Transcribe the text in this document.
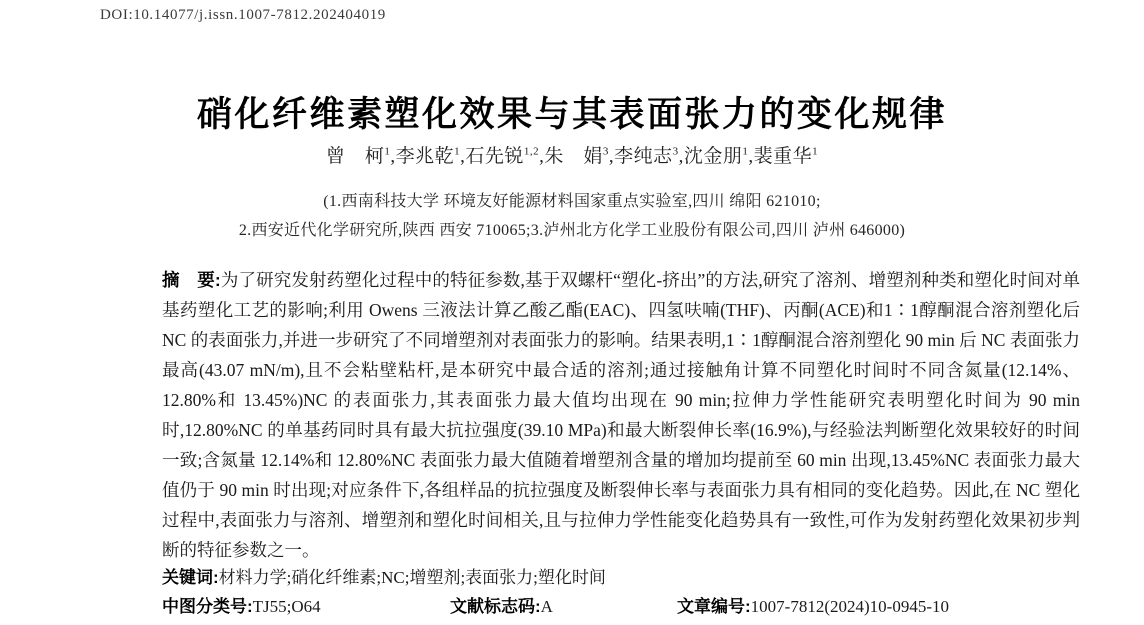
DOI:10.14077/j.issn.1007-7812.202404019
硝化纤维素塑化效果与其表面张力的变化规律
曾　柯$^1$,李兆乾$^1$,石先锐$^{1,2}$,朱　娟$^3$,李纯志$^3$,沈金朋$^1$,裴重华$^1$
(1.西南科技大学 环境友好能源材料国家重点实验室,四川 绵阳 621010;
2.西安近代化学研究所,陕西 西安 710065;3.泸州北方化学工业股份有限公司,四川 泸州 646000)

摘　要:为了研究发射药塑化过程中的特征参数,基于双螺杆“塑化-挤出”的方法,研究了溶剂、增塑剂种类和塑化时间对单基药塑化工艺的影响;利用 Owens 三液法计算乙酸乙酯(EAC)、四氢呋喃(THF)、丙酮(ACE)和1∶1醇酮混合溶剂塑化后 NC 的表面张力,并进一步研究了不同增塑剂对表面张力的影响。结果表明,1∶1醇酮混合溶剂塑化 90 min 后 NC 表面张力最高(43.07 mN/m),且不会粘壁粘杆,是本研究中最合适的溶剂;通过接触角计算不同塑化时间时不同含氮量(12.14%、12.80%和 13.45%)NC 的表面张力,其表面张力最大值均出现在 90 min;拉伸力学性能研究表明塑化时间为 90 min 时,12.80%NC 的单基药同时具有最大抗拉强度(39.10 MPa)和最大断裂伸长率(16.9%),与经验法判断塑化效果较好的时间一致;含氮量 12.14%和 12.80%NC 表面张力最大值随着增塑剂含量的增加均提前至 60 min 出现,13.45%NC 表面张力最大值仍于 90 min 时出现;对应条件下,各组样品的抗拉强度及断裂伸长率与表面张力具有相同的变化趋势。因此,在 NC 塑化过程中,表面张力与溶剂、增塑剂和塑化时间相关,且与拉伸力学性能变化趋势具有一致性,可作为发射药塑化效果初步判断的特征参数之一。

关键词:材料力学;硝化纤维素;NC;增塑剂;表面张力;塑化时间
中图分类号:TJ55;O64	文献标志码:A	文章编号:1007-7812(2024)10-0945-10
